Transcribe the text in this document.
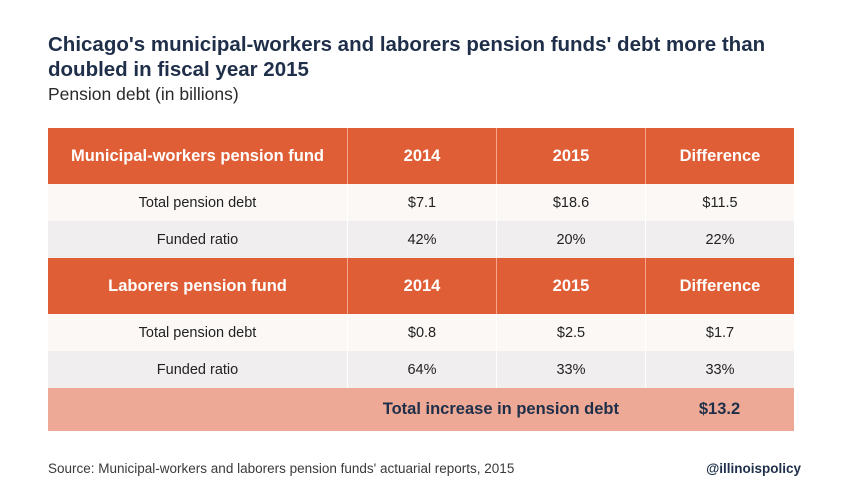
Chicago's municipal-workers and laborers pension funds' debt more than doubled in fiscal year 2015
Pension debt (in billions)
Municipal-workers pension fund	2014	2015	Difference
Total pension debt	$7.1	$18.6	$11.5
Funded ratio	42%	20%	22%
Laborers pension fund	2014	2015	Difference
Total pension debt	$0.8	$2.5	$1.7
Funded ratio	64%	33%	33%
Total increase in pension debt	$13.2
Source: Municipal-workers and laborers pension funds' actuarial reports, 2015	@illinoispolicy
